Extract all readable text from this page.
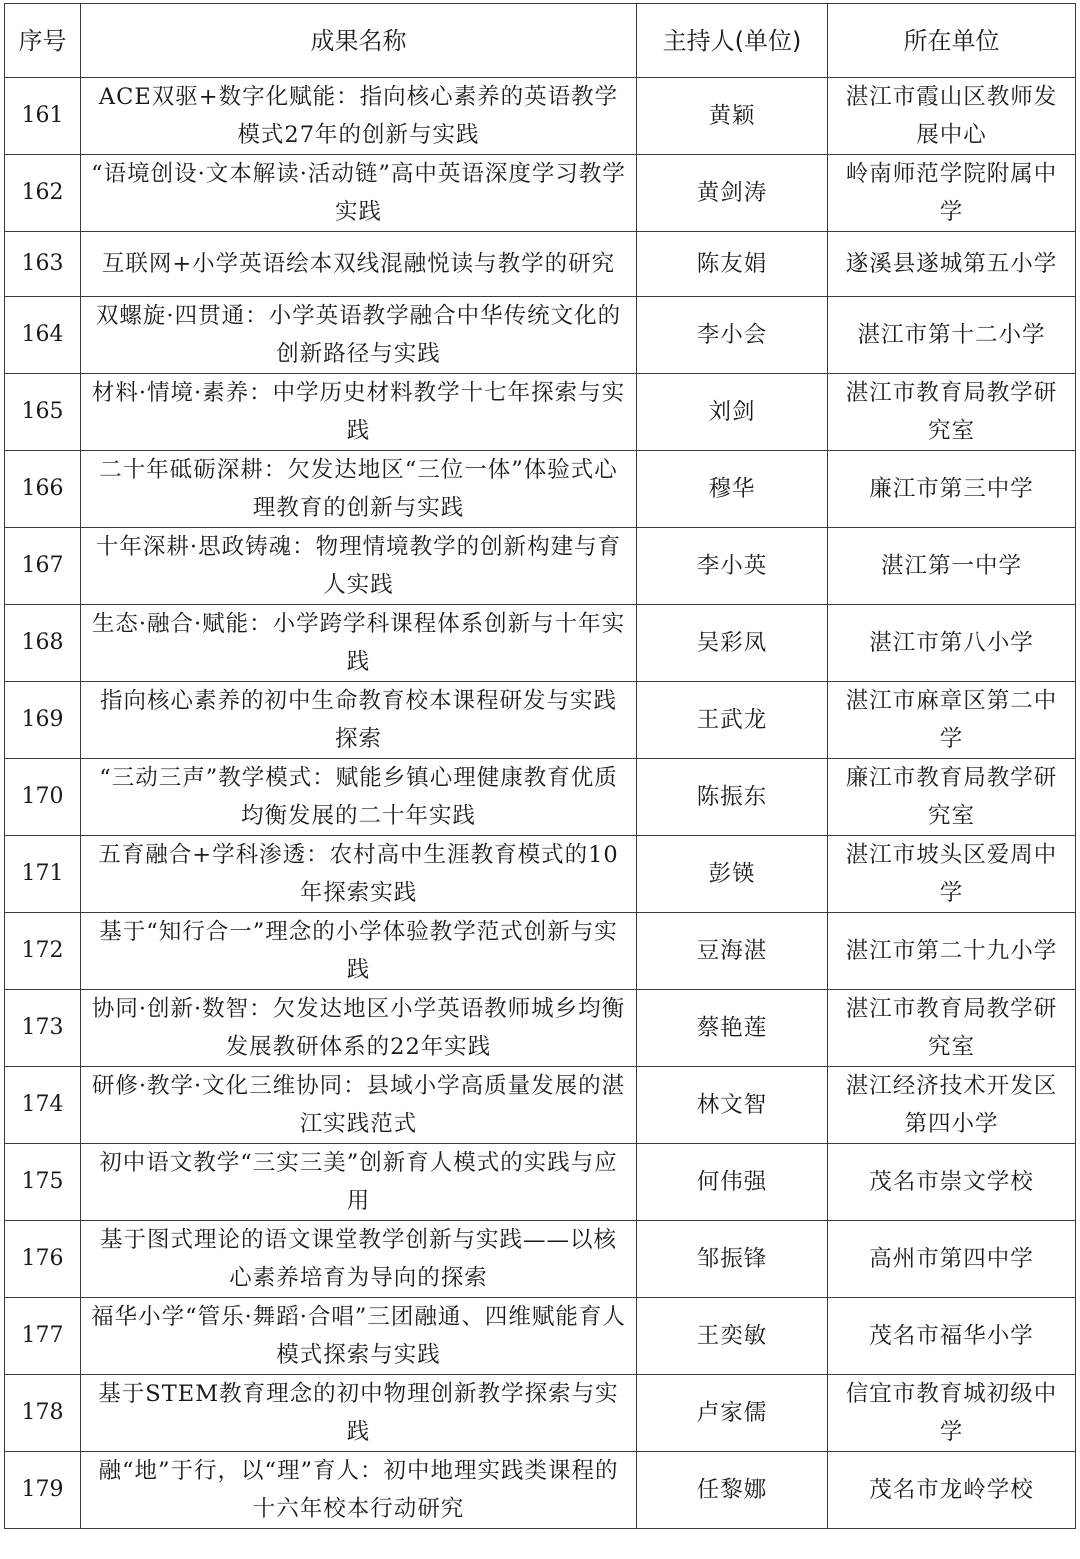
序号	成果名称	主持人(单位)	所在单位
161	ACE双驱+数字化赋能：指向核心素养的英语教学模式27年的创新与实践	黄颖	湛江市霞山区教师发展中心
162	“语境创设·文本解读·活动链”高中英语深度学习教学实践	黄剑涛	岭南师范学院附属中学
163	互联网+小学英语绘本双线混融悦读与教学的研究	陈友娟	遂溪县遂城第五小学
164	双螺旋·四贯通：小学英语教学融合中华传统文化的创新路径与实践	李小会	湛江市第十二小学
165	材料·情境·素养：中学历史材料教学十七年探索与实践	刘剑	湛江市教育局教学研究室
166	二十年砥砺深耕：欠发达地区“三位一体”体验式心理教育的创新与实践	穆华	廉江市第三中学
167	十年深耕·思政铸魂：物理情境教学的创新构建与育人实践	李小英	湛江第一中学
168	生态·融合·赋能：小学跨学科课程体系创新与十年实践	吴彩凤	湛江市第八小学
169	指向核心素养的初中生命教育校本课程研发与实践探索	王武龙	湛江市麻章区第二中学
170	“三动三声”教学模式：赋能乡镇心理健康教育优质均衡发展的二十年实践	陈振东	廉江市教育局教学研究室
171	五育融合+学科渗透：农村高中生涯教育模式的10年探索实践	彭锳	湛江市坡头区爱周中学
172	基于“知行合一”理念的小学体验教学范式创新与实践	豆海湛	湛江市第二十九小学
173	协同·创新·数智：欠发达地区小学英语教师城乡均衡发展教研体系的22年实践	蔡艳莲	湛江市教育局教学研究室
174	研修·教学·文化三维协同：县域小学高质量发展的湛江实践范式	林文智	湛江经济技术开发区第四小学
175	初中语文教学“三实三美”创新育人模式的实践与应用	何伟强	茂名市崇文学校
176	基于图式理论的语文课堂教学创新与实践——以核心素养培育为导向的探索	邹振锋	高州市第四中学
177	福华小学“管乐·舞蹈·合唱”三团融通、四维赋能育人模式探索与实践	王奕敏	茂名市福华小学
178	基于STEM教育理念的初中物理创新教学探索与实践	卢家儒	信宜市教育城初级中学
179	融“地”于行，以“理”育人：初中地理实践类课程的十六年校本行动研究	任黎娜	茂名市龙岭学校
